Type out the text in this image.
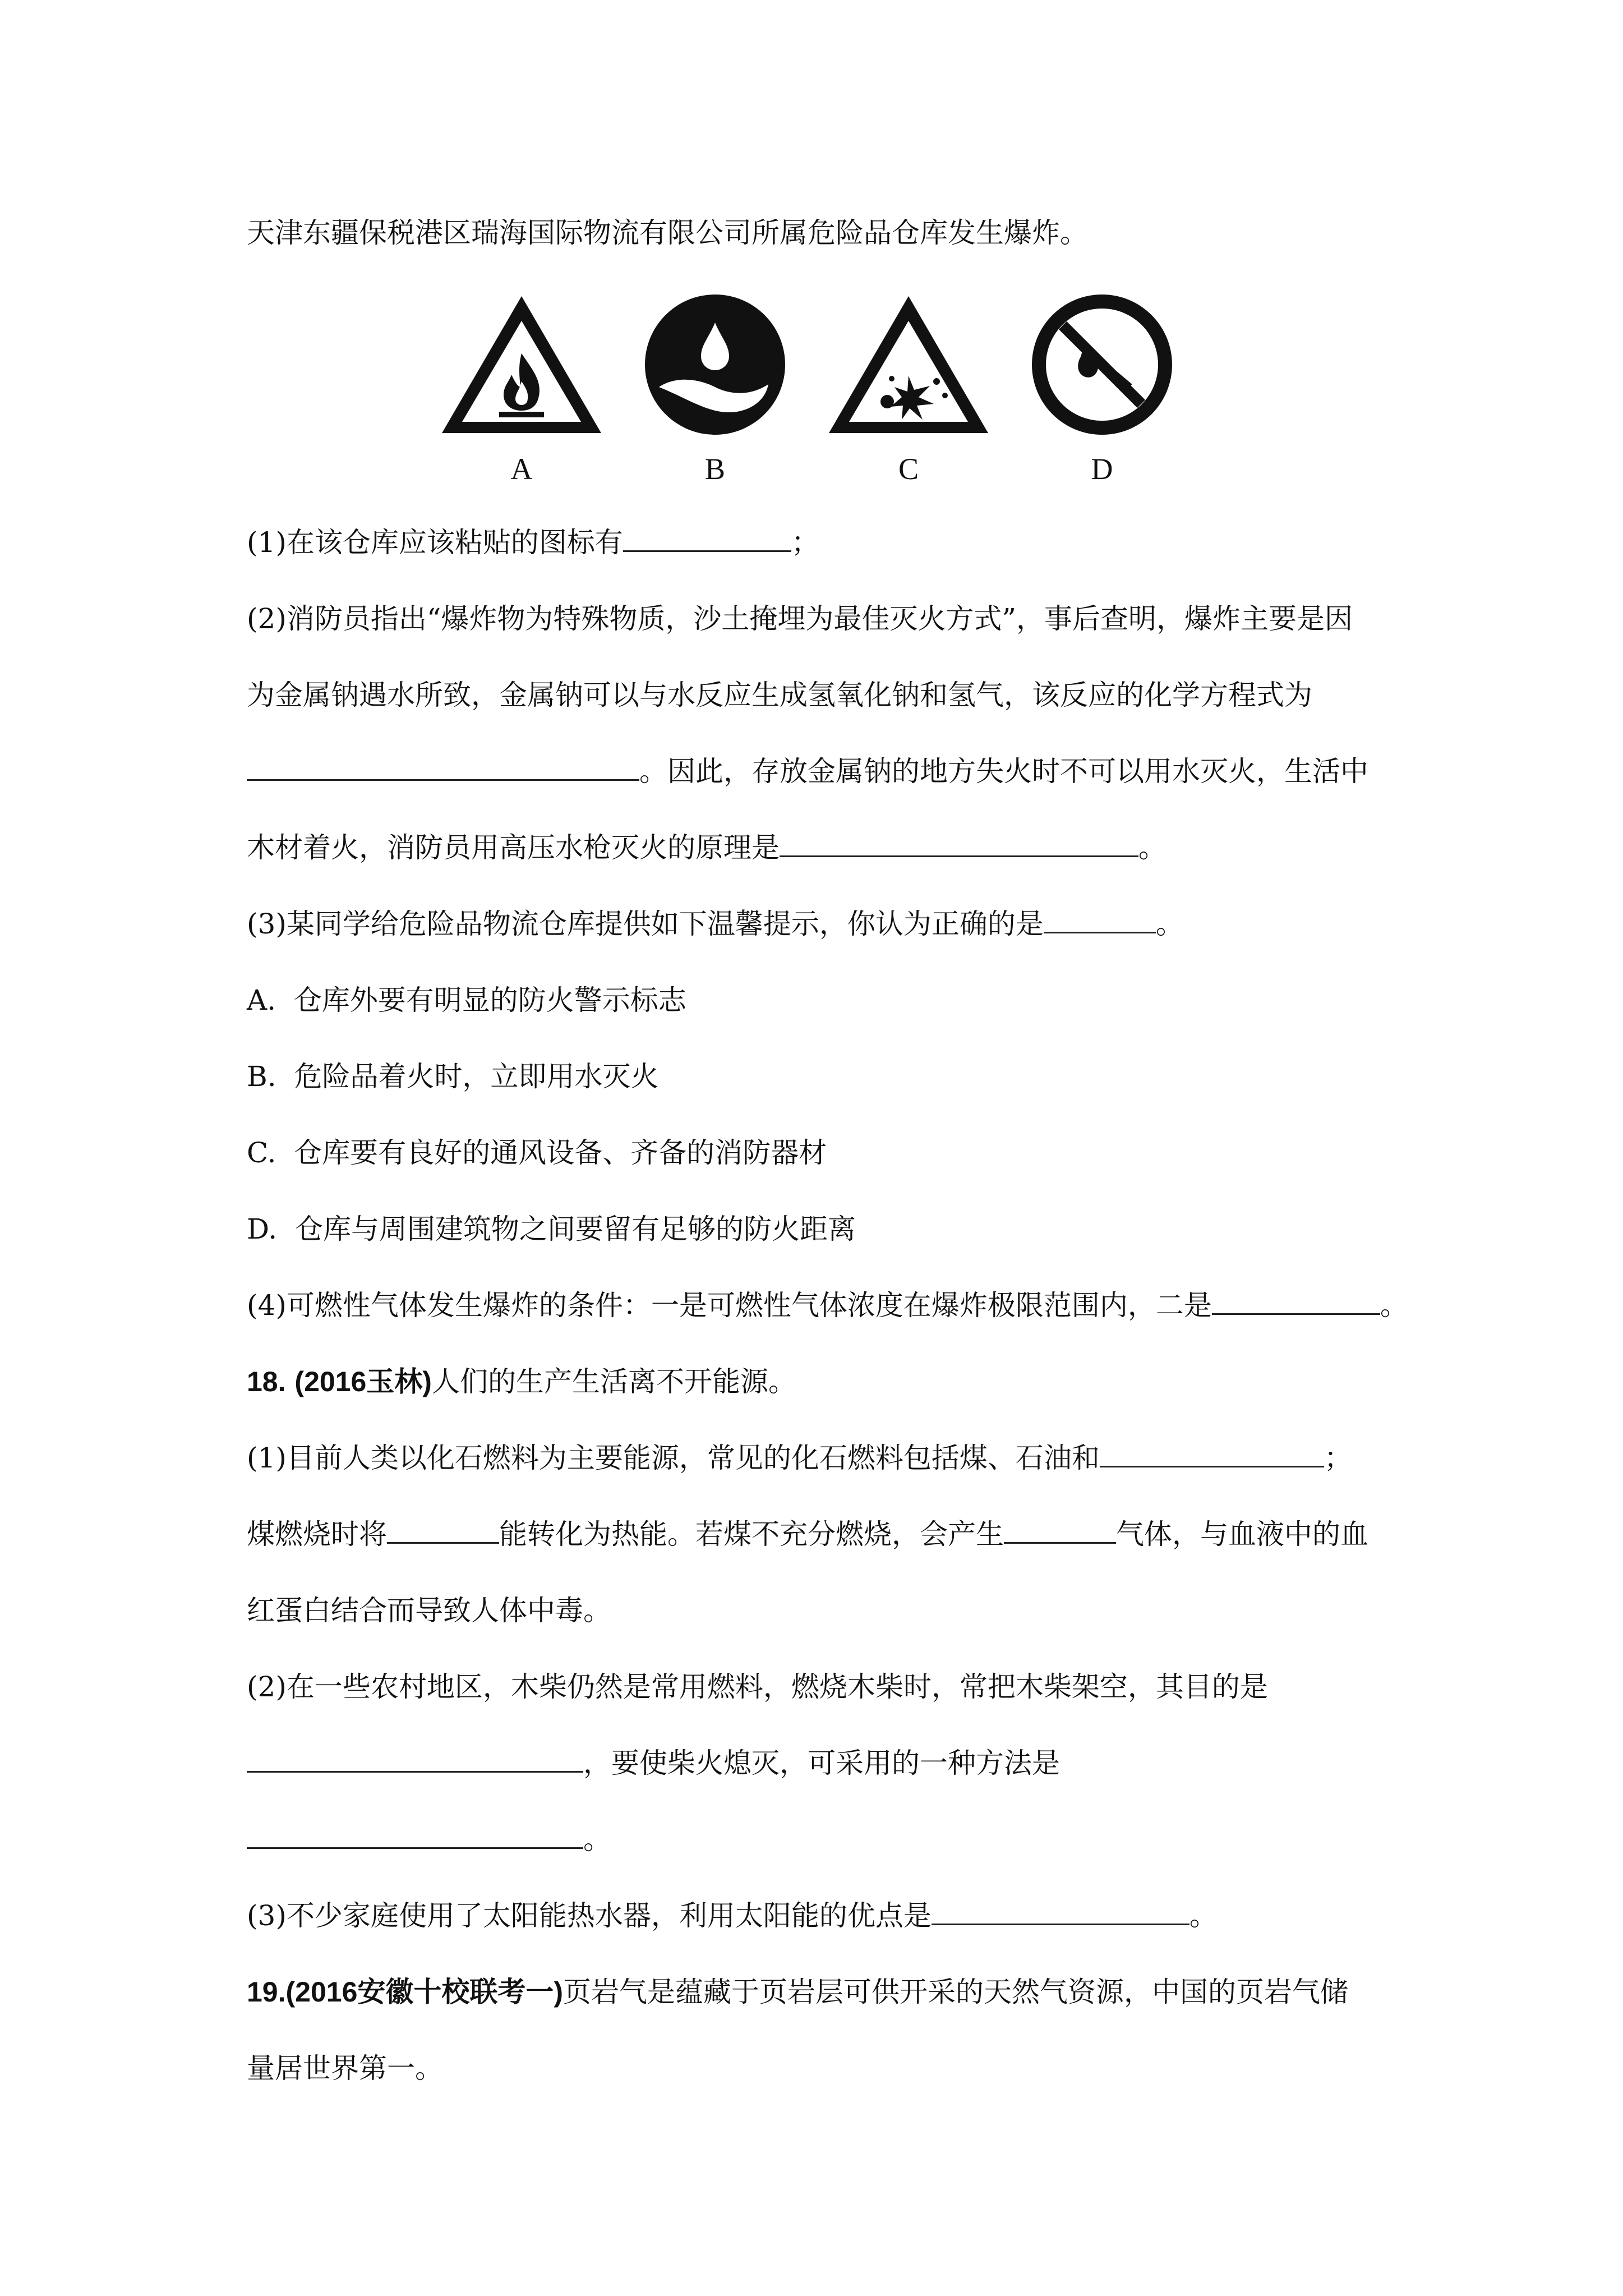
天津东疆保税港区瑞海国际物流有限公司所属危险品仓库发生爆炸。
A	B	C	D
(1)在该仓库应该粘贴的图标有	；
(2)消防员指出“爆炸物为特殊物质，沙土掩埋为最佳灭火方式”，事后查明，爆炸主要是因
为金属钠遇水所致，金属钠可以与水反应生成氢氧化钠和氢气，该反应的化学方程式为
。因此，存放金属钠的地方失火时不可以用水灭火，生活中
木材着火，消防员用高压水枪灭火的原理是	。
(3)某同学给危险品物流仓库提供如下温馨提示，你认为正确的是	。
A.  仓库外要有明显的防火警示标志
B.  危险品着火时，立即用水灭火
C.  仓库要有良好的通风设备、齐备的消防器材
D.  仓库与周围建筑物之间要留有足够的防火距离
(4)可燃性气体发生爆炸的条件：一是可燃性气体浓度在爆炸极限范围内，二是	。
18. (2016玉林)人们的生产生活离不开能源。
(1)目前人类以化石燃料为主要能源，常见的化石燃料包括煤、石油和	；
煤燃烧时将	能转化为热能。若煤不充分燃烧，会产生	气体，与血液中的血
红蛋白结合而导致人体中毒。
(2)在一些农村地区，木柴仍然是常用燃料，燃烧木柴时，常把木柴架空，其目的是
，要使柴火熄灭，可采用的一种方法是
。
(3)不少家庭使用了太阳能热水器，利用太阳能的优点是	。
19.(2016安徽十校联考一)页岩气是蕴藏于页岩层可供开采的天然气资源，中国的页岩气储
量居世界第一。
